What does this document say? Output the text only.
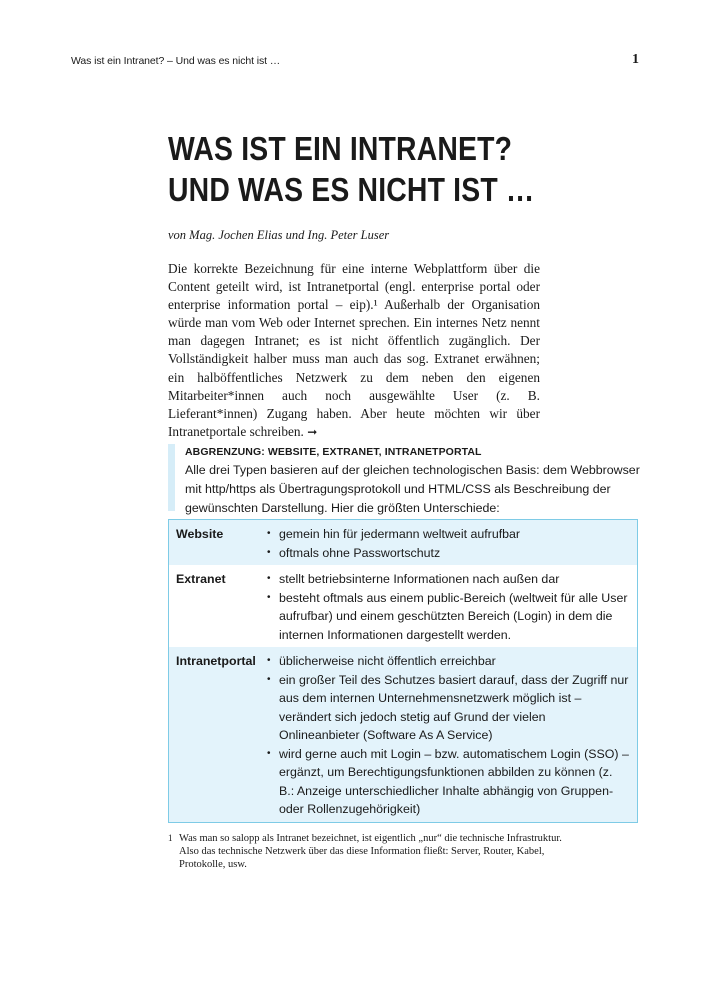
Was ist ein Intranet? – Und was es nicht ist …	1
WAS IST EIN INTRANET?
UND WAS ES NICHT IST …
von Mag. Jochen Elias und Ing. Peter Luser

Die korrekte Bezeichnung für eine interne Webplattform über die Content geteilt wird, ist Intranetportal (engl. enterprise portal oder enterprise information portal – eip).¹ Außerhalb der Organisation würde man vom Web oder Internet sprechen. Ein internes Netz nennt man dagegen Intranet; es ist nicht öffentlich zugänglich. Der Vollständigkeit halber muss man auch das sog. Extranet erwähnen; ein halböffentliches Netzwerk zu dem neben den eigenen Mitarbeiter*innen auch noch ausgewählte User (z. B. Lieferant*innen) Zugang haben. Aber heute möchten wir über Intranetportale schreiben. ➞

ABGRENZUNG: WEBSITE, EXTRANET, INTRANETPORTAL

Alle drei Typen basieren auf der gleichen technologischen Basis: dem Webbrowser mit http/https als Übertragungsprotokoll und HTML/CSS als Beschreibung der gewünschten Darstellung. Hier die größten Unterschiede:

Website	• gemein hin für jedermann weltweit aufrufbar
• oftmals ohne Passwortschutz
Extranet	• stellt betriebsinterne Informationen nach außen dar
• besteht oftmals aus einem public-Bereich (weltweit für alle User aufrufbar) und einem geschützten Bereich (Login) in dem die internen Informationen dargestellt werden.
Intranetportal	• üblicherweise nicht öffentlich erreichbar
• ein großer Teil des Schutzes basiert darauf, dass der Zugriff nur aus dem internen Unternehmensnetzwerk möglich ist – verändert sich jedoch stetig auf Grund der vielen Onlineanbieter (Software As A Service)
• wird gerne auch mit Login – bzw. automatischem Login (SSO) – ergänzt, um Berechtigungsfunktionen abbilden zu können (z. B.: Anzeige unterschiedlicher Inhalte abhängig von Gruppen- oder Rollenzugehörigkeit)
1 Was man so salopp als Intranet bezeichnet, ist eigentlich „nur“ die technische Infrastruktur. Also das technische Netzwerk über das diese Information fließt: Server, Router, Kabel, Protokolle, usw.
